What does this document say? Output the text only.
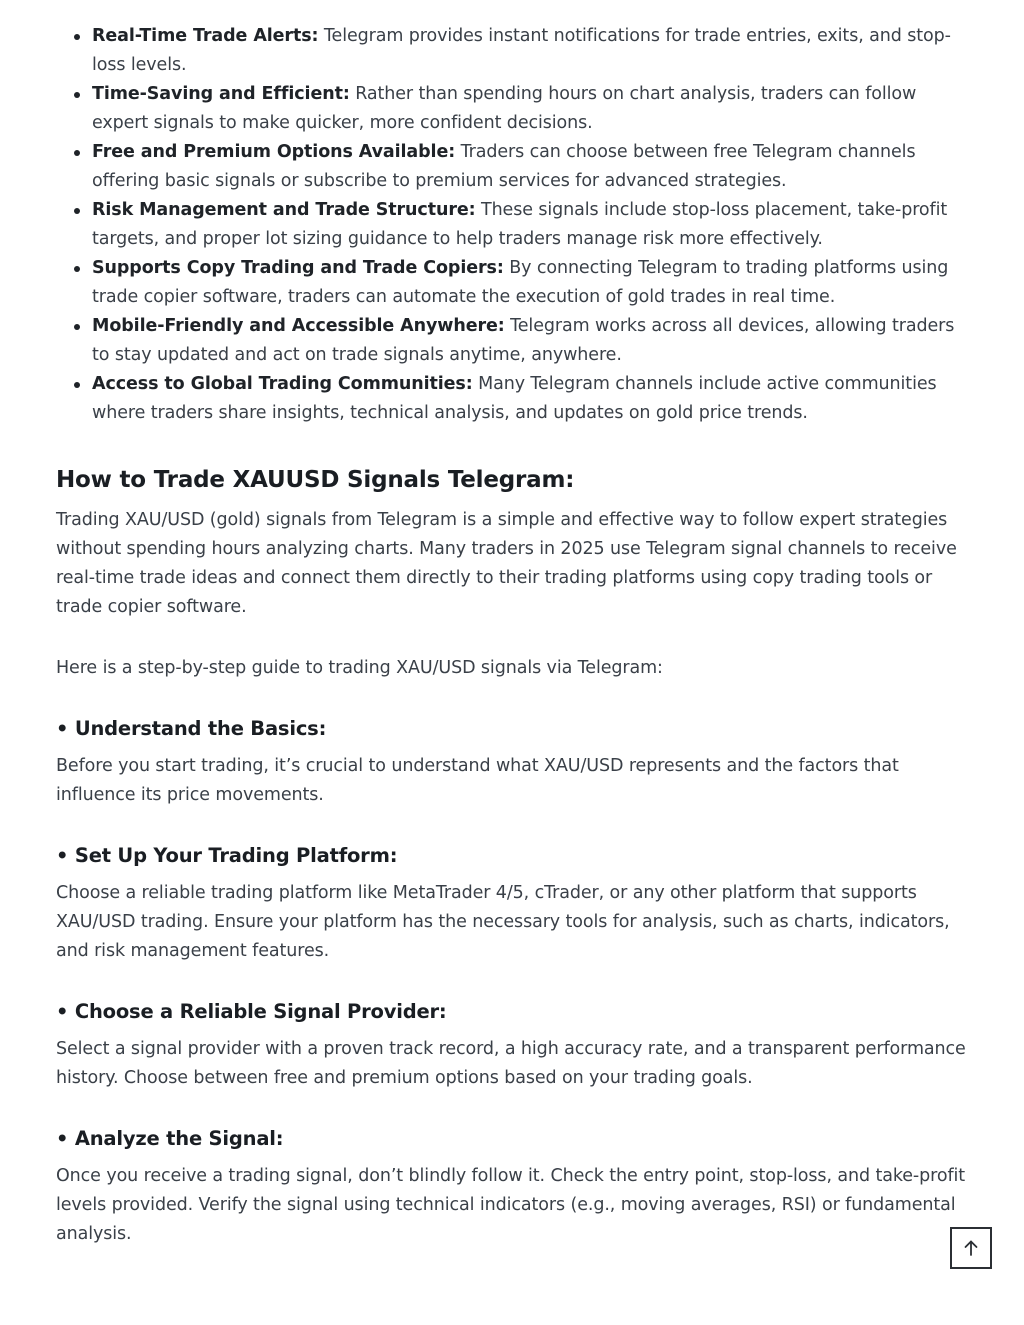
Real-Time Trade Alerts: Telegram provides instant notifications for trade entries, exits, and stop-loss levels.
Time-Saving and Efficient: Rather than spending hours on chart analysis, traders can follow expert signals to make quicker, more confident decisions.
Free and Premium Options Available: Traders can choose between free Telegram channels offering basic signals or subscribe to premium services for advanced strategies.
Risk Management and Trade Structure: These signals include stop-loss placement, take-profit targets, and proper lot sizing guidance to help traders manage risk more effectively.
Supports Copy Trading and Trade Copiers: By connecting Telegram to trading platforms using trade copier software, traders can automate the execution of gold trades in real time.
Mobile-Friendly and Accessible Anywhere: Telegram works across all devices, allowing traders to stay updated and act on trade signals anytime, anywhere.
Access to Global Trading Communities: Many Telegram channels include active communities where traders share insights, technical analysis, and updates on gold price trends.
How to Trade XAUUSD Signals Telegram:

Trading XAU/USD (gold) signals from Telegram is a simple and effective way to follow expert strategies without spending hours analyzing charts. Many traders in 2025 use Telegram signal channels to receive real-time trade ideas and connect them directly to their trading platforms using copy trading tools or trade copier software.

Here is a step-by-step guide to trading XAU/USD signals via Telegram:

• Understand the Basics:

Before you start trading, it’s crucial to understand what XAU/USD represents and the factors that influence its price movements.

• Set Up Your Trading Platform:

Choose a reliable trading platform like MetaTrader 4/5, cTrader, or any other platform that supports XAU/USD trading. Ensure your platform has the necessary tools for analysis, such as charts, indicators, and risk management features.

• Choose a Reliable Signal Provider:

Select a signal provider with a proven track record, a high accuracy rate, and a transparent performance history. Choose between free and premium options based on your trading goals.

• Analyze the Signal:

Once you receive a trading signal, don’t blindly follow it. Check the entry point, stop-loss, and take-profit levels provided. Verify the signal using technical indicators (e.g., moving averages, RSI) or fundamental analysis.
